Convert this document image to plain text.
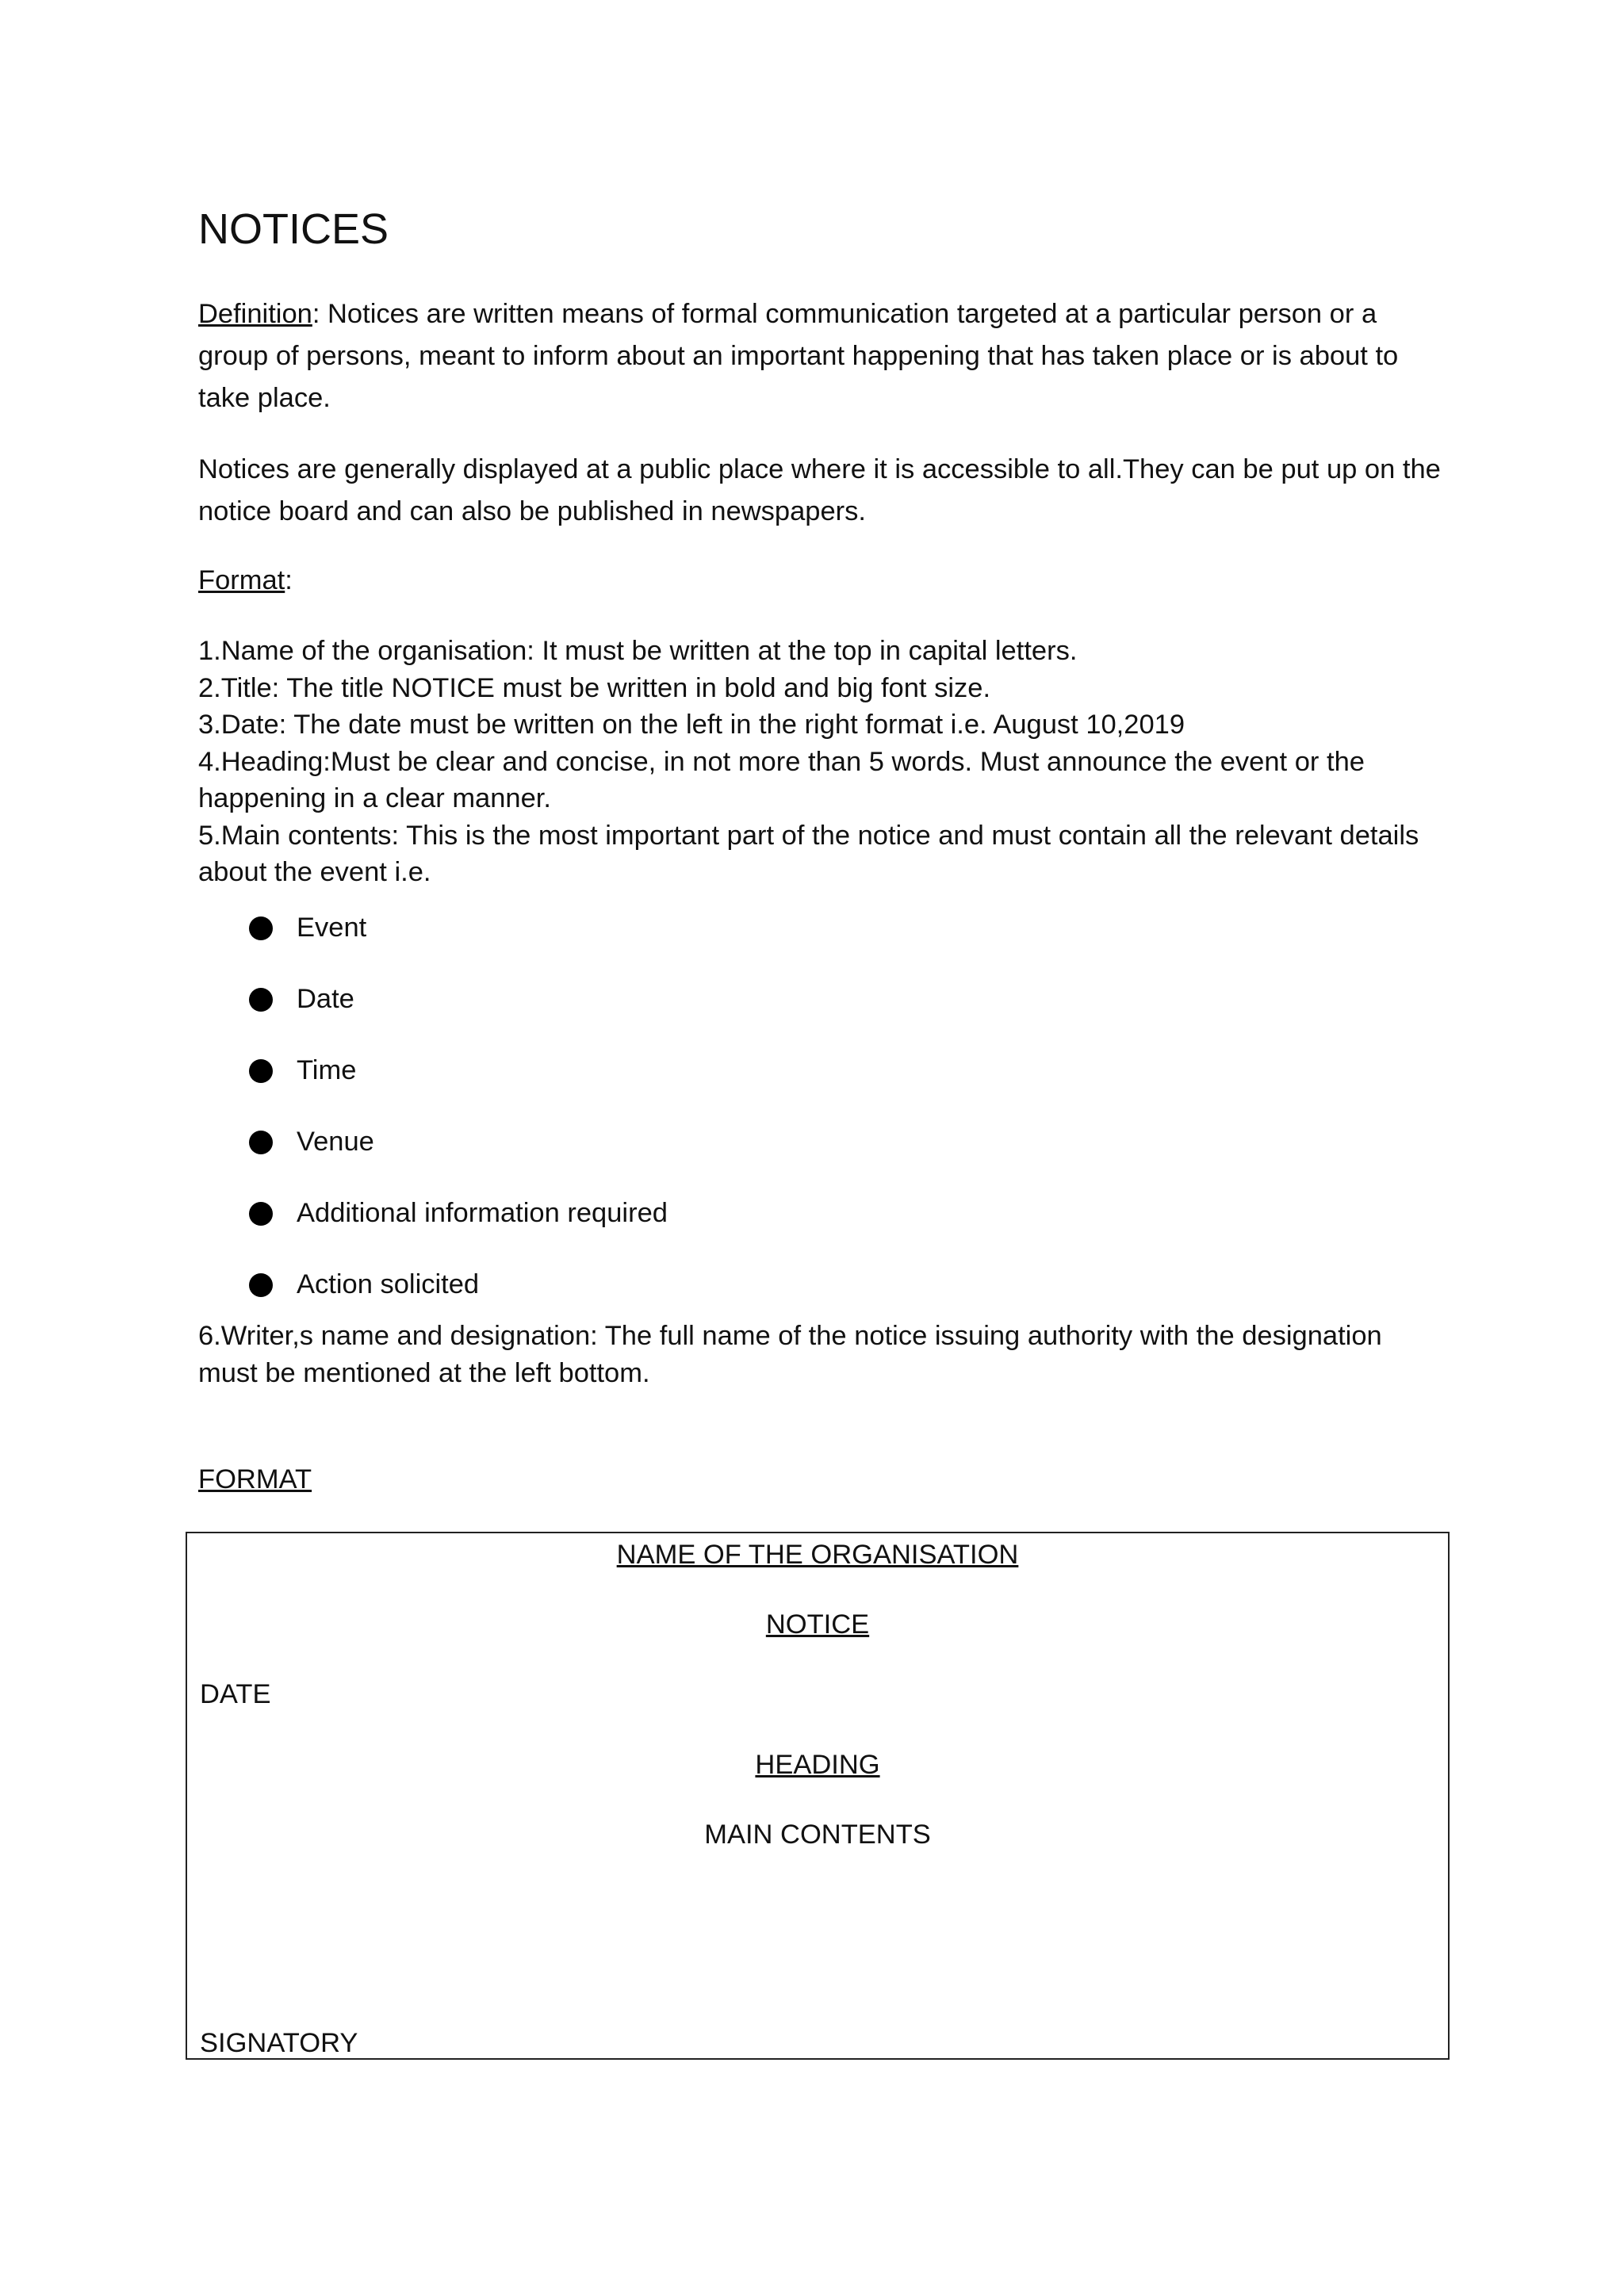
NOTICES

Definition: Notices are written means of formal communication targeted at a particular person or a group of persons, meant to inform about an important happening that has taken place or is about to take place.

Notices are generally displayed at a public place where it is accessible to all.They can be put up on the notice board and can also be published in newspapers.

Format:

1.Name of the organisation: It must be written at the top in capital letters.
2.Title: The title NOTICE must be written in bold and big font size.
3.Date: The date must be written on the left in the right format i.e. August 10,2019
4.Heading:Must be clear and concise, in not more than 5 words. Must announce the event or the happening in a clear manner.
5.Main contents: This is the most important part of the notice and must contain all the relevant details about the event i.e.
Event
Date
Time
Venue
Additional information required
Action solicited
6.Writer,s name and designation: The full name of the notice issuing authority with the designation must be mentioned at the left bottom.

FORMAT

NAME OF THE ORGANISATION
NOTICE
DATE
HEADING
MAIN CONTENTS
SIGNATORY
